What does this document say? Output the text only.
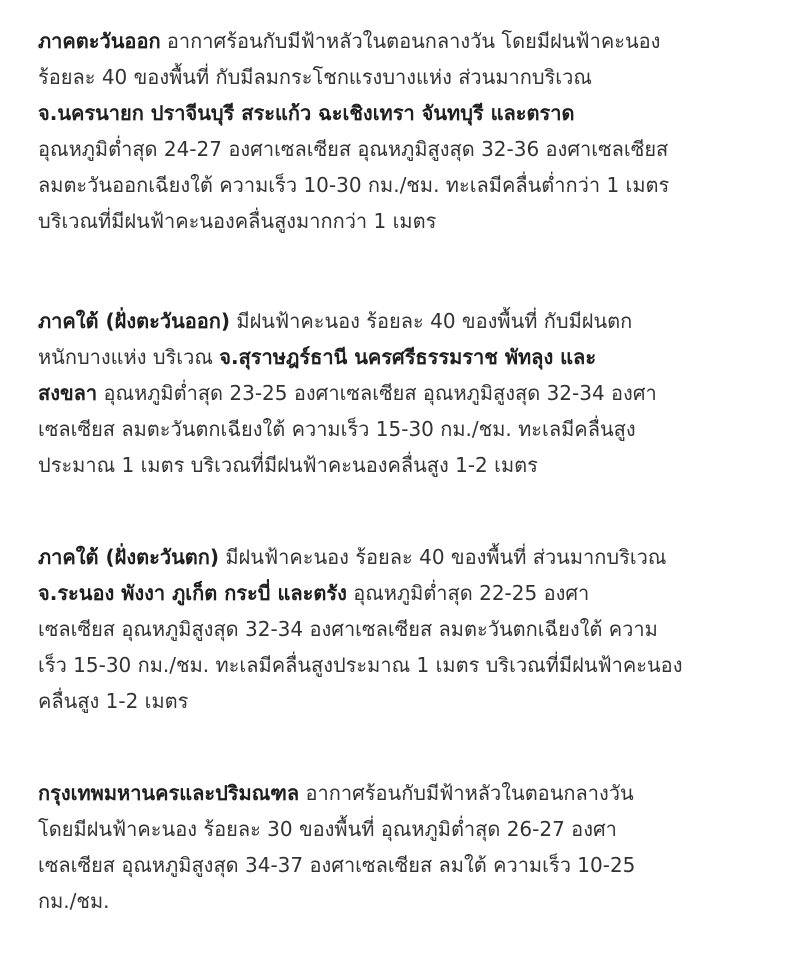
ภาคตะวันออก อากาศร้อนกับมีฟ้าหลัวในตอนกลางวัน โดยมีฝนฟ้าคะนอง
ร้อยละ 40 ของพื้นที่ กับมีลมกระโชกแรงบางแห่ง ส่วนมากบริเวณ
จ.นครนายก ปราจีนบุรี สระแก้ว ฉะเชิงเทรา จันทบุรี และตราด
อุณหภูมิต่ำสุด 24-27 องศาเซลเซียส อุณหภูมิสูงสุด 32-36 องศาเซลเซียส
ลมตะวันออกเฉียงใต้ ความเร็ว 10-30 กม./ชม. ทะเลมีคลื่นต่ำกว่า 1 เมตร
บริเวณที่มีฝนฟ้าคะนองคลื่นสูงมากกว่า 1 เมตร
ภาคใต้ (ฝั่งตะวันออก) มีฝนฟ้าคะนอง ร้อยละ 40 ของพื้นที่ กับมีฝนตก
หนักบางแห่ง บริเวณ จ.สุราษฎร์ธานี นครศรีธรรมราช พัทลุง และ
สงขลา อุณหภูมิต่ำสุด 23-25 องศาเซลเซียส อุณหภูมิสูงสุด 32-34 องศา
เซลเซียส ลมตะวันตกเฉียงใต้ ความเร็ว 15-30 กม./ชม. ทะเลมีคลื่นสูง
ประมาณ 1 เมตร บริเวณที่มีฝนฟ้าคะนองคลื่นสูง 1-2 เมตร
ภาคใต้ (ฝั่งตะวันตก) มีฝนฟ้าคะนอง ร้อยละ 40 ของพื้นที่ ส่วนมากบริเวณ
จ.ระนอง พังงา ภูเก็ต กระบี่ และตรัง อุณหภูมิต่ำสุด 22-25 องศา
เซลเซียส อุณหภูมิสูงสุด 32-34 องศาเซลเซียส ลมตะวันตกเฉียงใต้ ความ
เร็ว 15-30 กม./ชม. ทะเลมีคลื่นสูงประมาณ 1 เมตร บริเวณที่มีฝนฟ้าคะนอง
คลื่นสูง 1-2 เมตร
กรุงเทพมหานครและปริมณฑล อากาศร้อนกับมีฟ้าหลัวในตอนกลางวัน
โดยมีฝนฟ้าคะนอง ร้อยละ 30 ของพื้นที่ อุณหภูมิต่ำสุด 26-27 องศา
เซลเซียส อุณหภูมิสูงสุด 34-37 องศาเซลเซียส ลมใต้ ความเร็ว 10-25
กม./ชม.
